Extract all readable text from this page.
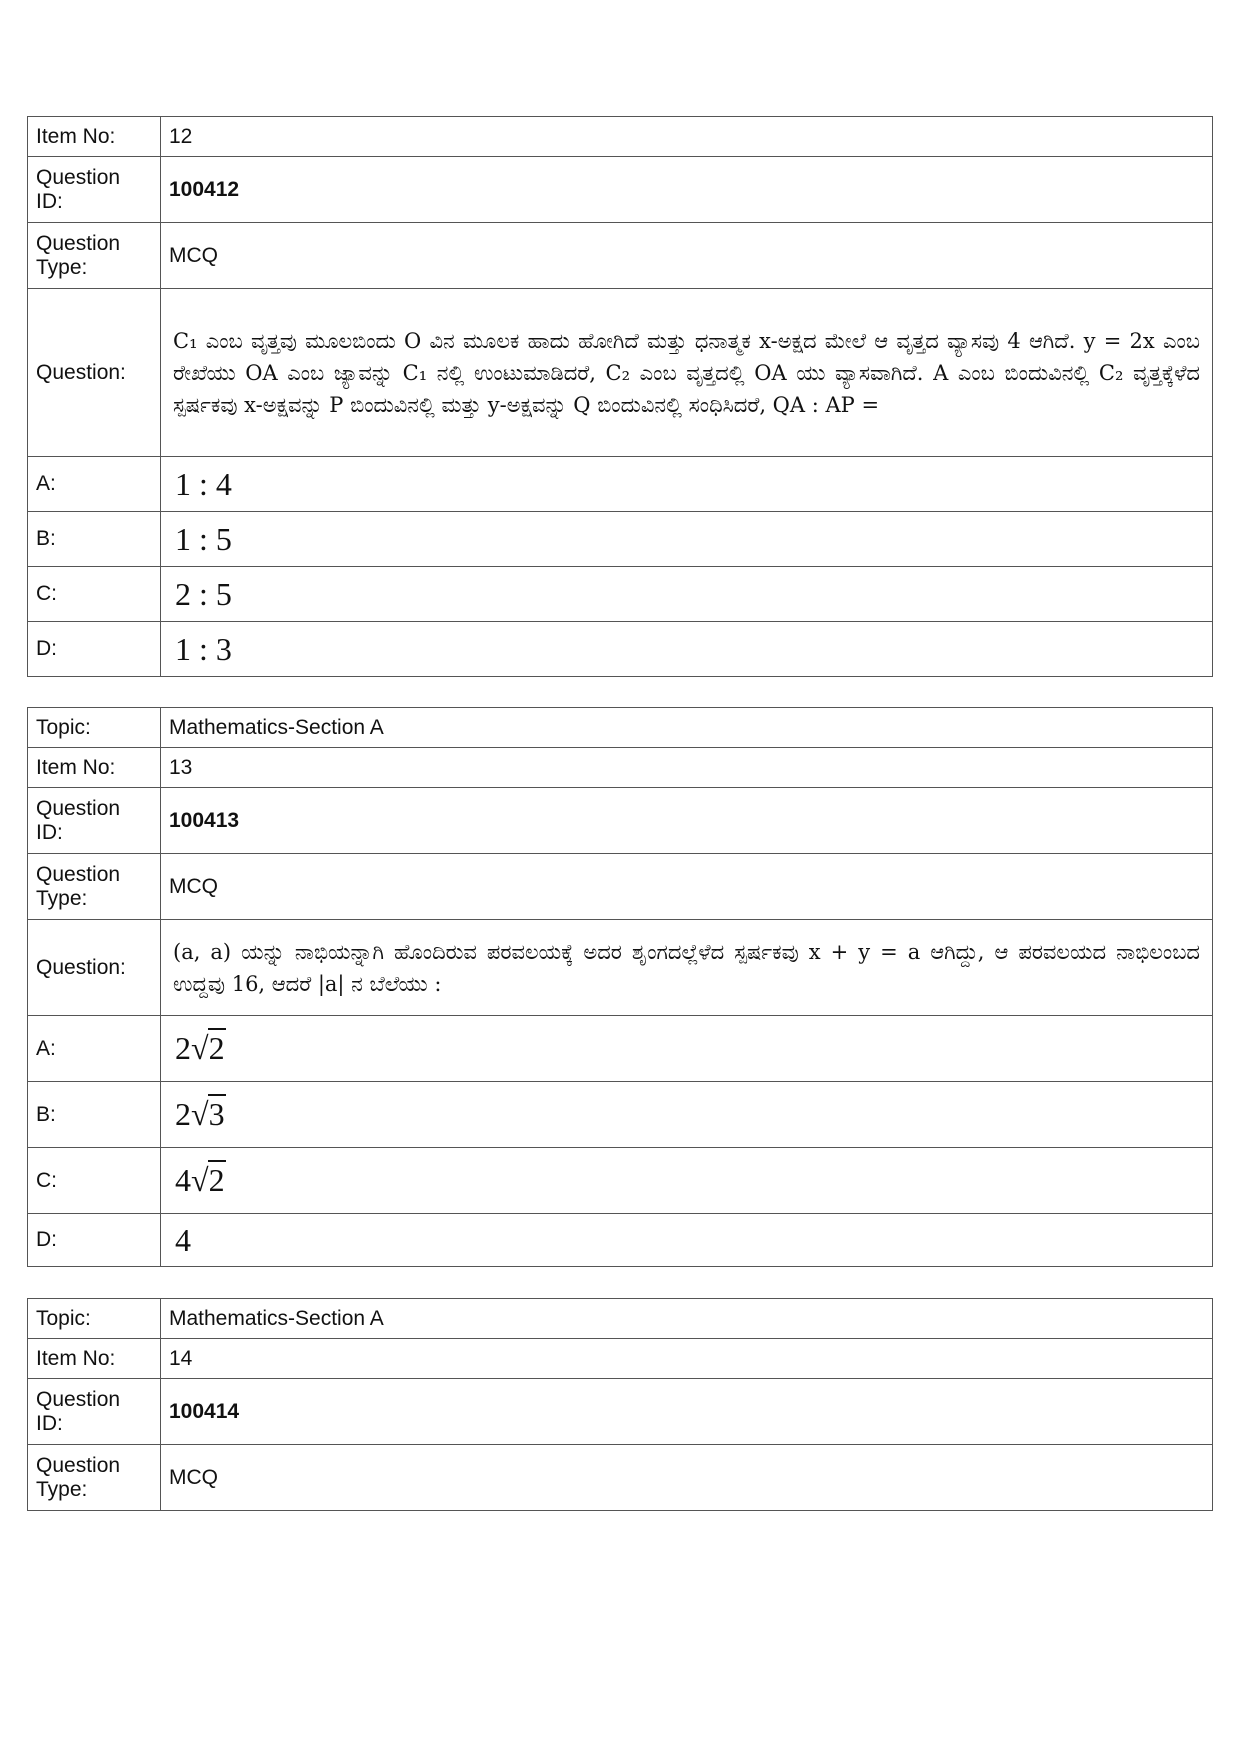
Item No:	12
Question ID:	100412
Question Type:	MCQ
Question:	C₁ ಎಂಬ ವೃತ್ತವು ಮೂಲಬಿಂದು O ವಿನ ಮೂಲಕ ಹಾದು ಹೋಗಿದೆ ಮತ್ತು ಧನಾತ್ಮಕ x-ಅಕ್ಷದ ಮೇಲೆ ಆ ವೃತ್ತದ ವ್ಯಾಸವು 4 ಆಗಿದೆ. y = 2x ಎಂಬ ರೇಖೆಯು OA ಎಂಬ ಜ್ಯಾವನ್ನು C₁ ನಲ್ಲಿ ಉಂಟುಮಾಡಿದರೆ, C₂ ಎಂಬ ವೃತ್ತದಲ್ಲಿ OA ಯು ವ್ಯಾಸವಾಗಿದೆ. A ಎಂಬ ಬಿಂದುವಿನಲ್ಲಿ C₂ ವೃತ್ತಕ್ಕೆಳೆದ ಸ್ಪರ್ಷಕವು x-ಅಕ್ಷವನ್ನು P ಬಿಂದುವಿನಲ್ಲಿ ಮತ್ತು y-ಅಕ್ಷವನ್ನು Q ಬಿಂದುವಿನಲ್ಲಿ ಸಂಧಿಸಿದರೆ, QA : AP =
A:	1 : 4
B:	1 : 5
C:	2 : 5
D:	1 : 3
Topic:	Mathematics-Section A
Item No:	13
Question ID:	100413
Question Type:	MCQ
Question:	(a, a) ಯನ್ನು ನಾಭಿಯನ್ನಾಗಿ ಹೊಂದಿರುವ ಪರವಲಯಕ್ಕೆ ಅದರ ಶೃಂಗದಲ್ಲೆಳೆದ ಸ್ಪರ್ಷಕವು x + y = a ಆಗಿದ್ದು, ಆ ಪರವಲಯದ ನಾಭಿಲಂಬದ ಉದ್ದವು 16, ಆದರೆ |a| ನ ಬೆಲೆಯು :
A:	2√2
B:	2√3
C:	4√2
D:	4
Topic:	Mathematics-Section A
Item No:	14
Question ID:	100414
Question Type:	MCQ
